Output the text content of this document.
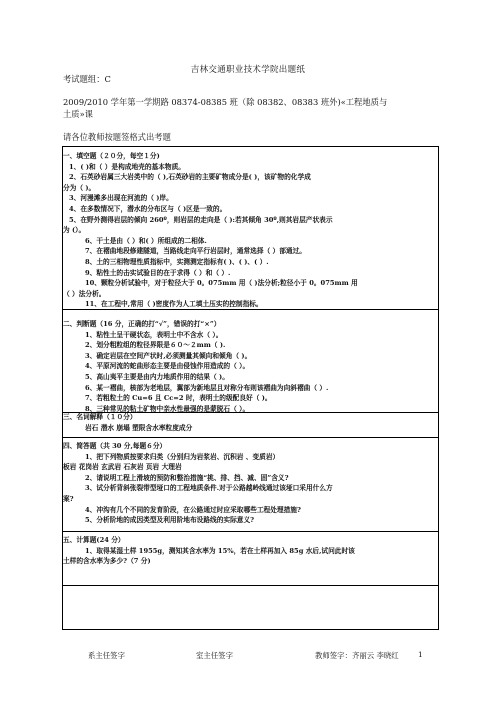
吉林交通职业技术学院出题纸
考试题组：C
2009/2010 学年第一学期路 08374-08385 班（除 08382、08383 班外)«工程地质与
土质»课
请各位教师按题签格式出考题
一、填空题（２０分，每空１分)
1、( )和（ ）是构成地壳的基本物质。
2、石英砂岩属三大岩类中的（ ),石英砂岩的主要矿物成分是( )，该矿物的化学成
分为（ )。
3、河漫滩多出现在河流的（ )岸。
4、在多数情况下，潜水的分布区与（ )区是一致的。
5、在野外测得岩层的倾向 260º，则岩层的走向是（ ):若其倾角 30º,则其岩层产状表示
为 (）。
6、干土是由（ ）和( ）所组成的二相体.
7、在褶曲地段修建隧道，当路线走向平行岩层时，通常选择（ ）部通过。
8、土的三相物理性质指标中，实测测定指标有( )、( )、( ）.
9、粘性土的击实试验目的在于求得（ ）和（ ）.
10、颗粒分析试验中，对于粒径大于 0。075mm 用（ )法分析;粒径小于 0。075mm 用
（ ）法分析。
11、在工程中,常用（ )密度作为人工填土压实的控制指标。
二、判断题（16 分，正确的打“√”，错误的打“×”）
1、粘性土呈干硬状态，表明土中不含水（ ）。
2、划分粗粒组的粒径界限是６０～２mm（ ).
3、确定岩层在空间产状时,必须测量其倾向和倾角（ )。
4、平原河流的蛇曲形态主要是由侵蚀作用造成的（ ）。
5、高山夷平主要是由内力地质作用的结果（ )。
6、某一褶曲，核部为老地层，翼部为新地层且对称分布则该褶曲为向斜褶曲（ ）.
7、若粗粒土的 Cu=6 且 Cc=2 时，表明土的级配良好（ )。
8、三种常见的粘土矿物中亲水性最强的是蒙脱石（ ）。
三、名词解释（１０分）
岩石 潜水 崩塌 塑限含水率粒度成分
四、简答题（共 30 分,每题６分）
1、把下列物质按要求归类（分别归为岩浆岩、沉积岩 、变质岩）
板岩 花岗岩 玄武岩 石灰岩 页岩 大理岩
2、请说明工程上滑坡的预防和整治措施“挑、排、挡、减、固”含义?
3、试分析背斜张裂带型垭口的工程地质条件.对于公路越岭线通过该垭口采用什么方
案?
4、冲沟有几个不同的发育阶段，在公路通过时应采取哪些工程处理措施?
5、分析阶地的成因类型及利用阶地布设路线的实际意义?
五、计算题(24 分）
1、取得某湿土样 1955g，测知其含水率为 15%，若在土样再加入 85g 水后,试问此时该
土样的含水率为多少?（7 分)
系主任签字	室主任签字	教师签字：齐丽云 李晓红	1
